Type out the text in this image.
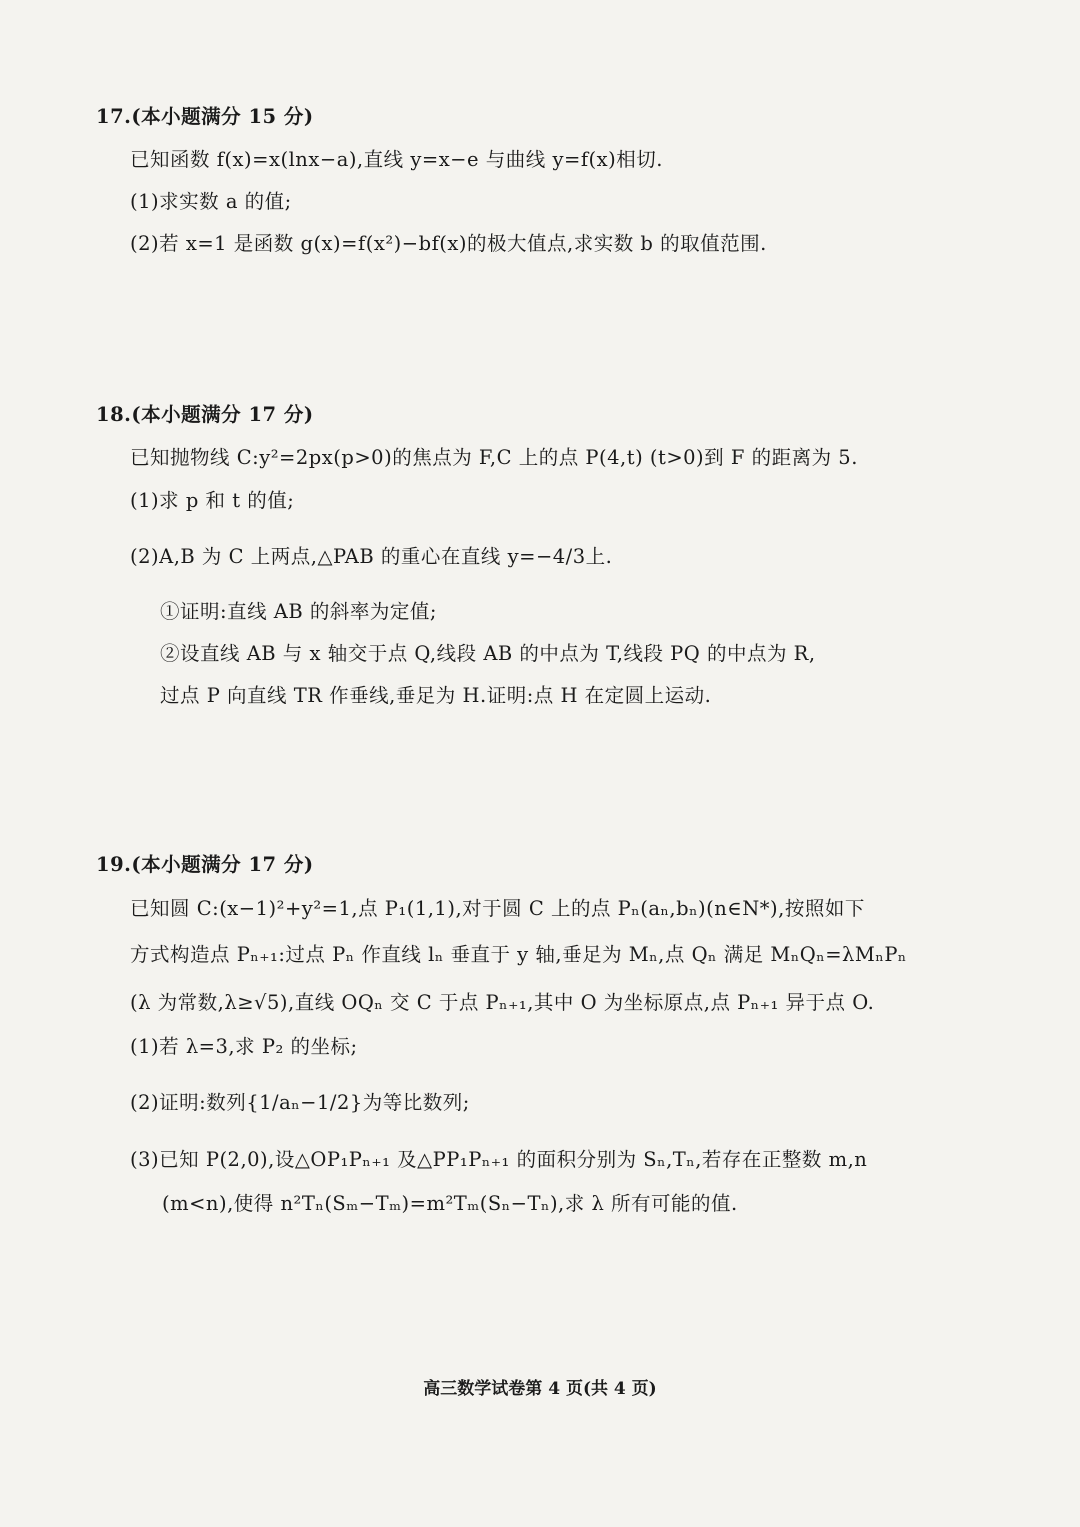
17.(本小题满分 15 分)
已知函数 f(x)=x(lnx−a),直线 y=x−e 与曲线 y=f(x)相切.
(1)求实数 a 的值;
(2)若 x=1 是函数 g(x)=f(x²)−bf(x)的极大值点,求实数 b 的取值范围.
18.(本小题满分 17 分)
已知抛物线 C:y²=2px(p>0)的焦点为 F,C 上的点 P(4,t) (t>0)到 F 的距离为 5.
(1)求 p 和 t 的值;
(2)A,B 为 C 上两点,△PAB 的重心在直线 y=−4/3上.
①证明:直线 AB 的斜率为定值;
②设直线 AB 与 x 轴交于点 Q,线段 AB 的中点为 T,线段 PQ 的中点为 R,
过点 P 向直线 TR 作垂线,垂足为 H.证明:点 H 在定圆上运动.
19.(本小题满分 17 分)
已知圆 C:(x−1)²+y²=1,点 P₁(1,1),对于圆 C 上的点 Pₙ(aₙ,bₙ)(n∈N*),按照如下
方式构造点 Pₙ₊₁:过点 Pₙ 作直线 lₙ 垂直于 y 轴,垂足为 Mₙ,点 Qₙ 满足 MₙQₙ=λMₙPₙ
(λ 为常数,λ≥√5),直线 OQₙ 交 C 于点 Pₙ₊₁,其中 O 为坐标原点,点 Pₙ₊₁ 异于点 O.
(1)若 λ=3,求 P₂ 的坐标;
(2)证明:数列{1/aₙ−1/2}为等比数列;
(3)已知 P(2,0),设△OP₁Pₙ₊₁ 及△PP₁Pₙ₊₁ 的面积分别为 Sₙ,Tₙ,若存在正整数 m,n
(m<n),使得 n²Tₙ(Sₘ−Tₘ)=m²Tₘ(Sₙ−Tₙ),求 λ 所有可能的值.
高三数学试卷第 4 页(共 4 页)
